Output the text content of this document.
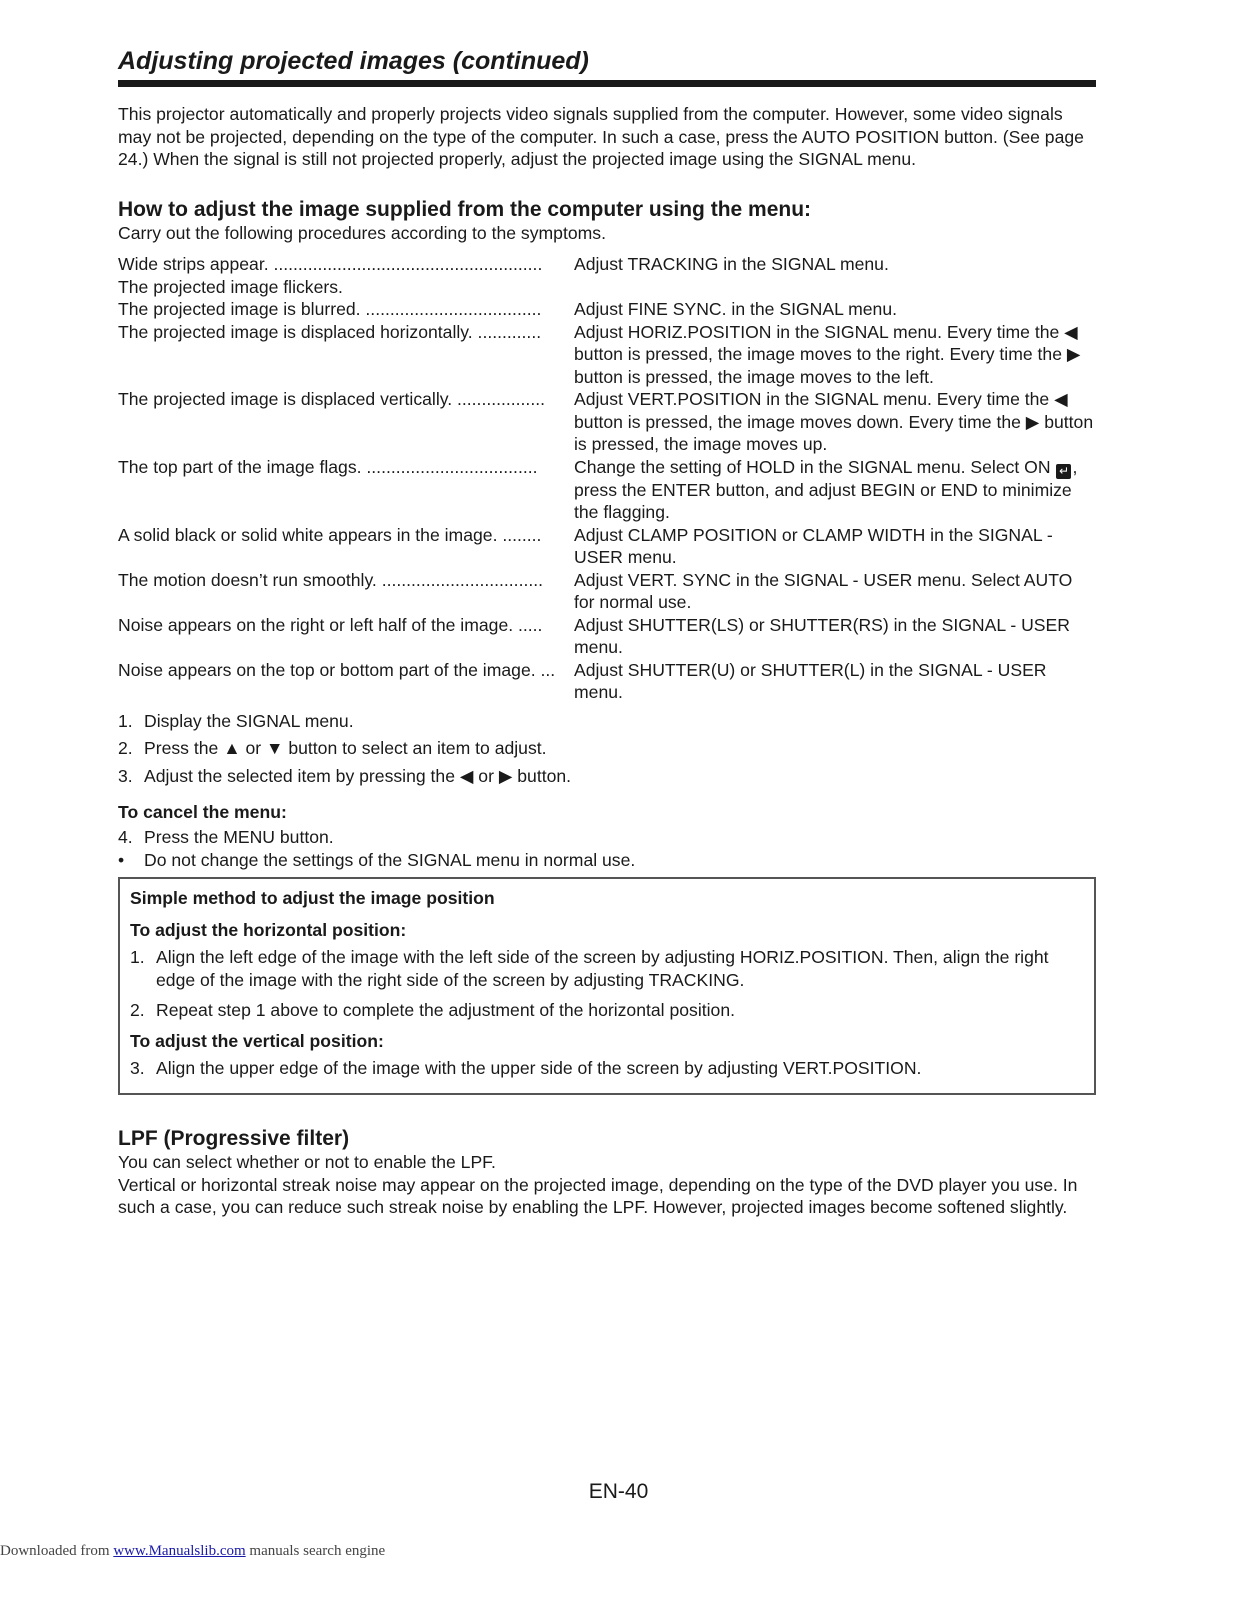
Adjusting projected images (continued)

This projector automatically and properly projects video signals supplied from the computer. However, some video signals may not be projected, depending on the type of the computer. In such a case, press the AUTO POSITION button. (See page 24.) When the signal is still not projected properly, adjust the projected image using the SIGNAL menu.

How to adjust the image supplied from the computer using the menu:

Carry out the following procedures according to the symptoms.

Wide strips appear. .......................................................	Adjust TRACKING in the SIGNAL menu.
The projected image flickers.
The projected image is blurred. ....................................	Adjust FINE SYNC. in the SIGNAL menu.
The projected image is displaced horizontally. .............	Adjust HORIZ.POSITION in the SIGNAL menu. Every time the ◀ button is pressed, the image moves to the right. Every time the ▶ button is pressed, the image moves to the left.
The projected image is displaced vertically. ..................	Adjust VERT.POSITION in the SIGNAL menu. Every time the ◀ button is pressed, the image moves down. Every time the ▶ button is pressed, the image moves up.
The top part of the image flags. ...................................	Change the setting of HOLD in the SIGNAL menu. Select ON ↵ , press the ENTER button, and adjust BEGIN or END to minimize the flagging.
A solid black or solid white appears in the image. ........	Adjust CLAMP POSITION or CLAMP WIDTH in the SIGNAL - USER menu.
The motion doesn’t run smoothly. .................................	Adjust VERT. SYNC in the SIGNAL - USER menu. Select AUTO for normal use.
Noise appears on the right or left half of the image. .....	Adjust SHUTTER(LS) or SHUTTER(RS) in the SIGNAL - USER menu.
Noise appears on the top or bottom part of the image. ...	Adjust SHUTTER(U) or SHUTTER(L) in the SIGNAL - USER menu.
1. Display the SIGNAL menu.
2. Press the ▲ or ▼ button to select an item to adjust.
3. Adjust the selected item by pressing the ◀ or ▶ button.
To cancel the menu:
4. Press the MENU button.
•	Do not change the settings of the SIGNAL menu in normal use.
Simple method to adjust the image position
To adjust the horizontal position:
1. Align the left edge of the image with the left side of the screen by adjusting HORIZ.POSITION. Then, align the right edge of the image with the right side of the screen by adjusting TRACKING.
2. Repeat step 1 above to complete the adjustment of the horizontal position.
To adjust the vertical position:
3. Align the upper edge of the image with the upper side of the screen by adjusting VERT.POSITION.
LPF (Progressive filter)

You can select whether or not to enable the LPF.

Vertical or horizontal streak noise may appear on the projected image, depending on the type of the DVD player you use. In such a case, you can reduce such streak noise by enabling the LPF. However, projected images become softened slightly.

EN-40
Downloaded from www.Manualslib.com manuals search engine
